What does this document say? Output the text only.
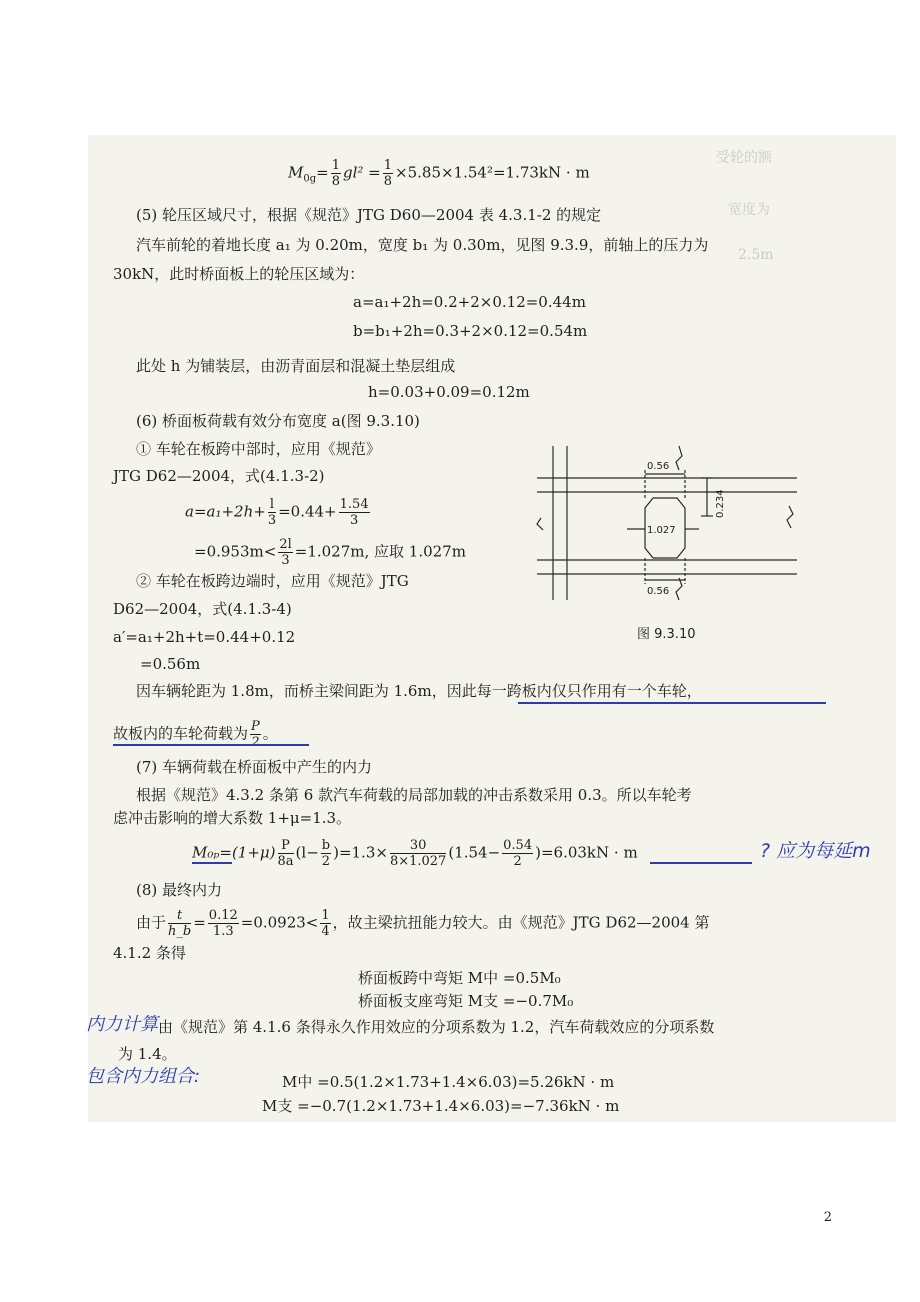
受轮的额
宽度为
2.5m
$M_{0g}= \frac{1}{8} gl^2 = \frac{1}{8} \times 5.85\times 1.54^2=1.73kN \cdot m$
(5) 轮压区域尺寸，根据《规范》JTG D60—2004 表 4.3.1-2 的规定
汽车前轮的着地长度 a₁ 为 0.20m，宽度 b₁ 为 0.30m，见图 9.3.9，前轴上的压力为
30kN，此时桥面板上的轮压区域为：
a=a₁+2h=0.2+2×0.12=0.44m
b=b₁+2h=0.3+2×0.12=0.54m
此处 h 为铺装层，由沥青面层和混凝土垫层组成
h=0.03+0.09=0.12m
(6) 桥面板荷载有效分布宽度 a(图 9.3.10)
① 车轮在板跨中部时，应用《规范》
JTG D62—2004，式(4.1.3-2)
$a=a_1+2h+ \frac{l}{3} =0.44+ \frac{1.54}{3}$
$=0.953m< \frac{2l}{3} =1.027m$, 应取 1.027m
② 车轮在板跨边端时，应用《规范》JTG
D62—2004，式(4.1.3-4)
a′=a₁+2h+t=0.44+0.12
=0.56m
0.56
1.027
0.234
0.56
图 9.3.10
因车辆轮距为 1.8m，而桥主梁间距为 1.6m，因此每一跨板内仅只作用有一个车轮，
故板内的车轮荷载为 $\frac{P}{2}$ 。
(7) 车辆荷载在桥面板中产生的内力
根据《规范》4.3.2 条第 6 款汽车荷载的局部加载的冲击系数采用 0.3。所以车轮考
虑冲击影响的增大系数 1+μ=1.3。
$M_{0p}=(1+\mu) \frac{P}{8a} (l- \frac{b}{2} )=1.3\times \frac{30}{8\times 1.027} (1.54- \frac{0.54}{2} )=6.03kN \cdot m$	? 应为每延m
(8) 最终内力
由于 $\frac{t}{h\_b} = \frac{0.12}{1.3} =0.0923< \frac{1}{4}$ ，故主梁抗扭能力较大。由《规范》JTG D62—2004 第
4.1.2 条得
桥面板跨中弯矩 M中 =0.5M₀
桥面板支座弯矩 M支 =−0.7M₀
由《规范》第 4.1.6 条得永久作用效应的分项系数为 1.2，汽车荷载效应的分项系数
为 1.4。
内力计算
包含内力组合:	M中 =0.5(1.2×1.73+1.4×6.03)=5.26kN · m
M支 =−0.7(1.2×1.73+1.4×6.03)=−7.36kN · m
2
